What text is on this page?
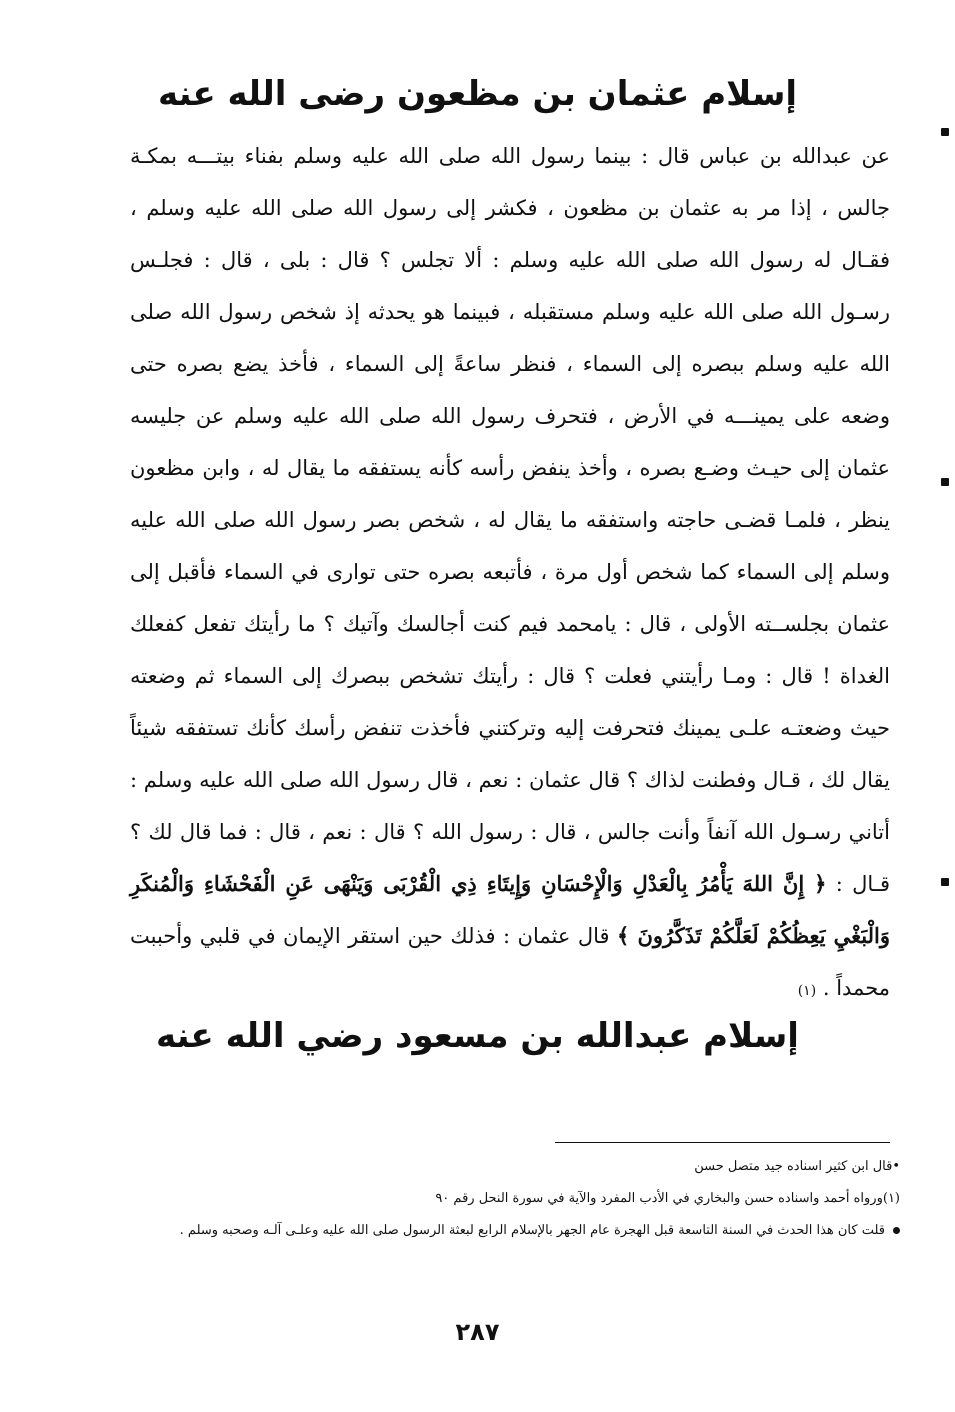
إسلام عثمان بن مظعون رضى الله عنه

عن عبدالله بن عباس قال : بينما رسول الله صلى الله عليه وسلم بفناء بيتـــه بمكـة جالس ، إذا مر به عثمان بن مظعون ، فكشر إلى رسول الله صلى الله عليه وسلم ، فقـال له رسول الله صلى الله عليه وسلم : ألا تجلس ؟ قال : بلى ، قال : فجلـس رسـول الله صلى الله عليه وسلم مستقبله ، فبينما هو يحدثه إذ شخص رسول الله صلى الله عليه وسلم ببصره إلى السماء ، فنظر ساعةً إلى السماء ، فأخذ يضع بصره حتى وضعه على يمينـــه في الأرض ، فتحرف رسول الله صلى الله عليه وسلم عن جليسه عثمان إلى حيـث وضـع بصره ، وأخذ ينفض رأسه كأنه يستفقه ما يقال له ، وابن مظعون ينظر ، فلمـا قضـى حاجته واستفقه ما يقال له ، شخص بصر رسول الله صلى الله عليه وسلم إلى السماء كما شخص أول مرة ، فأتبعه بصره حتى توارى في السماء فأقبل إلى عثمان بجلســته الأولى ، قال : يامحمد فيم كنت أجالسك وآتيك ؟ ما رأيتك تفعل كفعلك الغداة ! قال : ومـا رأيتني فعلت ؟ قال : رأيتك تشخص ببصرك إلى السماء ثم وضعته حيث وضعتـه علـى يمينك فتحرفت إليه وتركتني فأخذت تنفض رأسك كأنك تستفقه شيئاً يقال لك ، قـال وفطنت لذاك ؟ قال عثمان : نعم ، قال رسول الله صلى الله عليه وسلم : أتاني رسـول الله آنفاً وأنت جالس ، قال : رسول الله ؟ قال : نعم ، قال : فما قال لك ؟ قـال : ﴿ إِنَّ اللهَ يَأْمُرُ بِالْعَدْلِ وَالْإِحْسَانِ وَإِيتَاءِ ذِي الْقُرْبَى وَيَنْهَى عَنِ الْفَحْشَاءِ وَالْمُنكَرِ وَالْبَغْيِ يَعِظُكُمْ لَعَلَّكُمْ تَذَكَّرُونَ ﴾ قال عثمان : فذلك حين استقر الإيمان في قلبي وأحببت محمداً . (١)

إسلام عبدالله بن مسعود رضي الله عنه

•قال ابن كثير اسناده جيد متصل حسن

(١)ورواه أحمد واسناده حسن والبخاري في الأدب المفرد والآية في سورة النحل رقم ٩٠

قلت كان هذا الحدث في السنة التاسعة قبل الهجرة عام الجهر بالإسلام الرابع لبعثة الرسول صلى الله عليه وعلـى آلـه وصحبه وسلم .

٢٨٧
